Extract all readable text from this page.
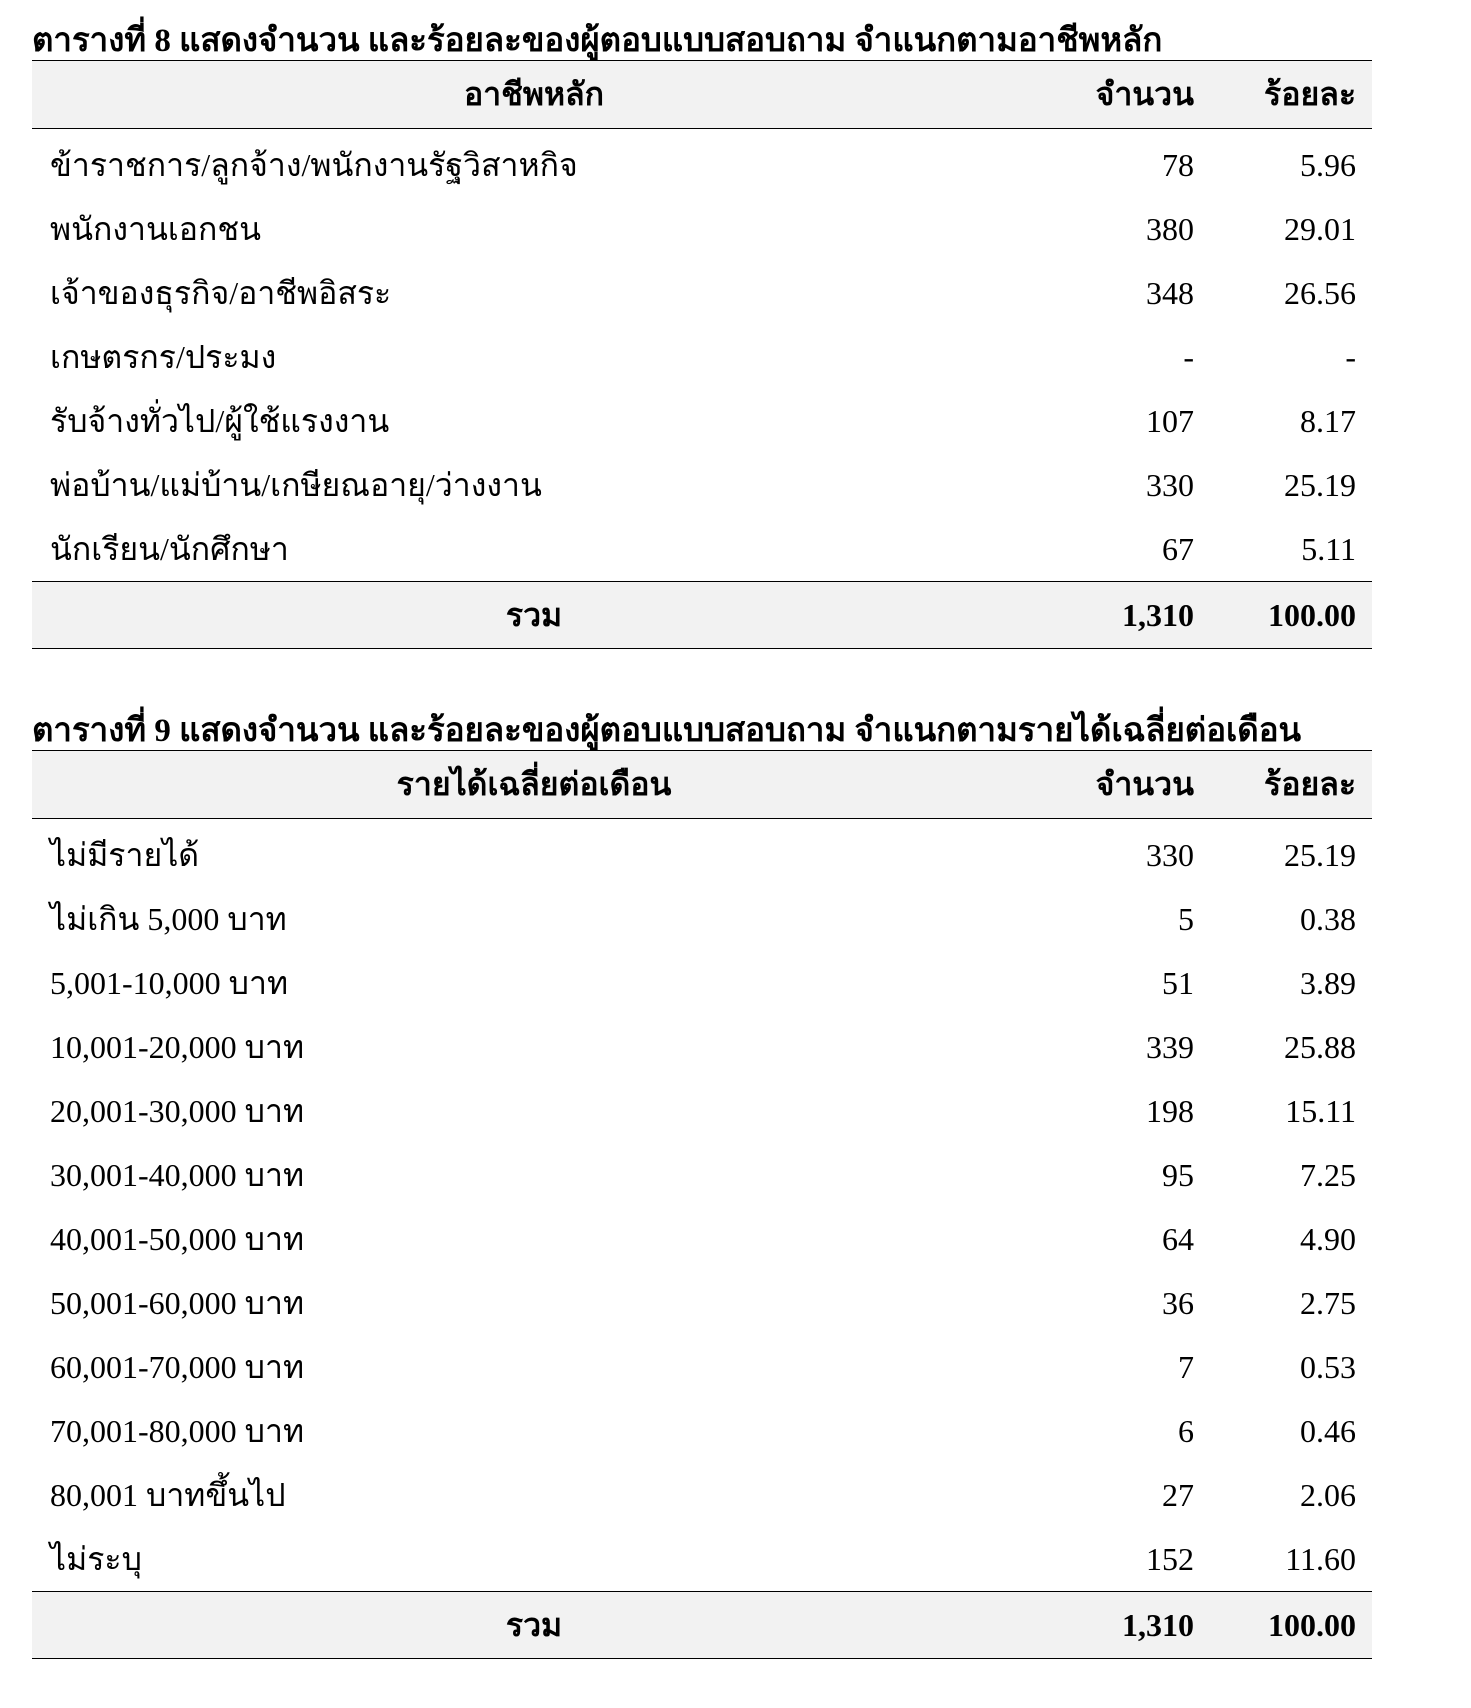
ตารางที่ 8 แสดงจำนวน และร้อยละของผู้ตอบแบบสอบถาม จำแนกตามอาชีพหลัก
อาชีพหลัก	จำนวน	ร้อยละ
ข้าราชการ/ลูกจ้าง/พนักงานรัฐวิสาหกิจ	78	5.96
พนักงานเอกชน	380	29.01
เจ้าของธุรกิจ/อาชีพอิสระ	348	26.56
เกษตรกร/ประมง	-	-
รับจ้างทั่วไป/ผู้ใช้แรงงาน	107	8.17
พ่อบ้าน/แม่บ้าน/เกษียณอายุ/ว่างงาน	330	25.19
นักเรียน/นักศึกษา	67	5.11
รวม	1,310	100.00
ตารางที่ 9 แสดงจำนวน และร้อยละของผู้ตอบแบบสอบถาม จำแนกตามรายได้เฉลี่ยต่อเดือน
รายได้เฉลี่ยต่อเดือน	จำนวน	ร้อยละ
ไม่มีรายได้	330	25.19
ไม่เกิน 5,000 บาท	5	0.38
5,001-10,000 บาท	51	3.89
10,001-20,000 บาท	339	25.88
20,001-30,000 บาท	198	15.11
30,001-40,000 บาท	95	7.25
40,001-50,000 บาท	64	4.90
50,001-60,000 บาท	36	2.75
60,001-70,000 บาท	7	0.53
70,001-80,000 บาท	6	0.46
80,001 บาทขึ้นไป	27	2.06
ไม่ระบุ	152	11.60
รวม	1,310	100.00
